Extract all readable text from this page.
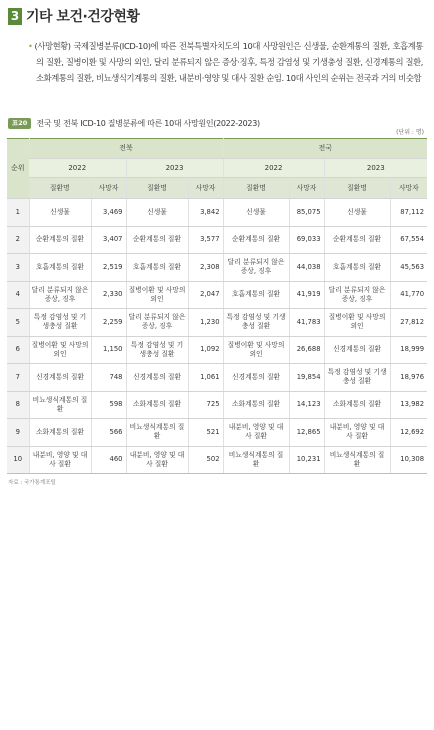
3 기타 보건·건강현황

• (사망현황) 국제질병분류(ICD-10)에 따른 전북특별자치도의 10대 사망원인은 신생물, 순환계통의 질환, 호흡계통의 질환, 질병이환 및 사망의 외인, 달리 분류되지 않은 증상·징후, 특정 감염성 및 기생충성 질환, 신경계통의 질환, 소화계통의 질환, 비뇨생식기계통의 질환, 내분비·영양 및 대사 질환 순임. 10대 사인의 순위는 전국과 거의 비슷함

표20	전국 및 전북 ICD-10 질병분류에 따른 10대 사망원인(2022-2023)
(단위 : 명)
순위	전북				전국			
	2022		2023		2022		2023	
	질환명	사망자	질환명	사망자	질환명	사망자	질환명	사망자
1	신생물	3,469	신생물	3,842	신생물	85,075	신생물	87,112
2	순환계통의 질환	3,407	순환계통의 질환	3,577	순환계통의 질환	69,033	순환계통의 질환	67,554
3	호흡계통의 질환	2,519	호흡계통의 질환	2,308	달리 분류되지 않은 증상, 징후	44,038	호흡계통의 질환	45,563
4	달리 분류되지 않은 증상, 징후	2,330	질병이환 및 사망의 외인	2,047	호흡계통의 질환	41,919	달리 분류되지 않은 증상, 징후	41,770
5	특정 감염성 및 기생충성 질환	2,259	달리 분류되지 않은 증상, 징후	1,230	특정 감염성 및 기생충성 질환	41,783	질병이환 및 사망의 외인	27,812
6	질병이환 및 사망의 외인	1,150	특정 감염성 및 기생충성 질환	1,092	질병이환 및 사망의 외인	26,688	신경계통의 질환	18,999
7	신경계통의 질환	748	신경계통의 질환	1,061	신경계통의 질환	19,854	특정 감염성 및 기생충성 질환	18,976
8	비뇨생식계통의 질환	598	소화계통의 질환	725	소화계통의 질환	14,123	소화계통의 질환	13,982
9	소화계통의 질환	566	비뇨생식계통의 질환	521	내분비, 영양 및 대사 질환	12,865	내분비, 영양 및 대사 질환	12,692
10	내분비, 영양 및 대사 질환	460	내분비, 영양 및 대사 질환	502	비뇨생식계통의 질환	10,231	비뇨생식계통의 질환	10,308
자료 : 국가통계포털
